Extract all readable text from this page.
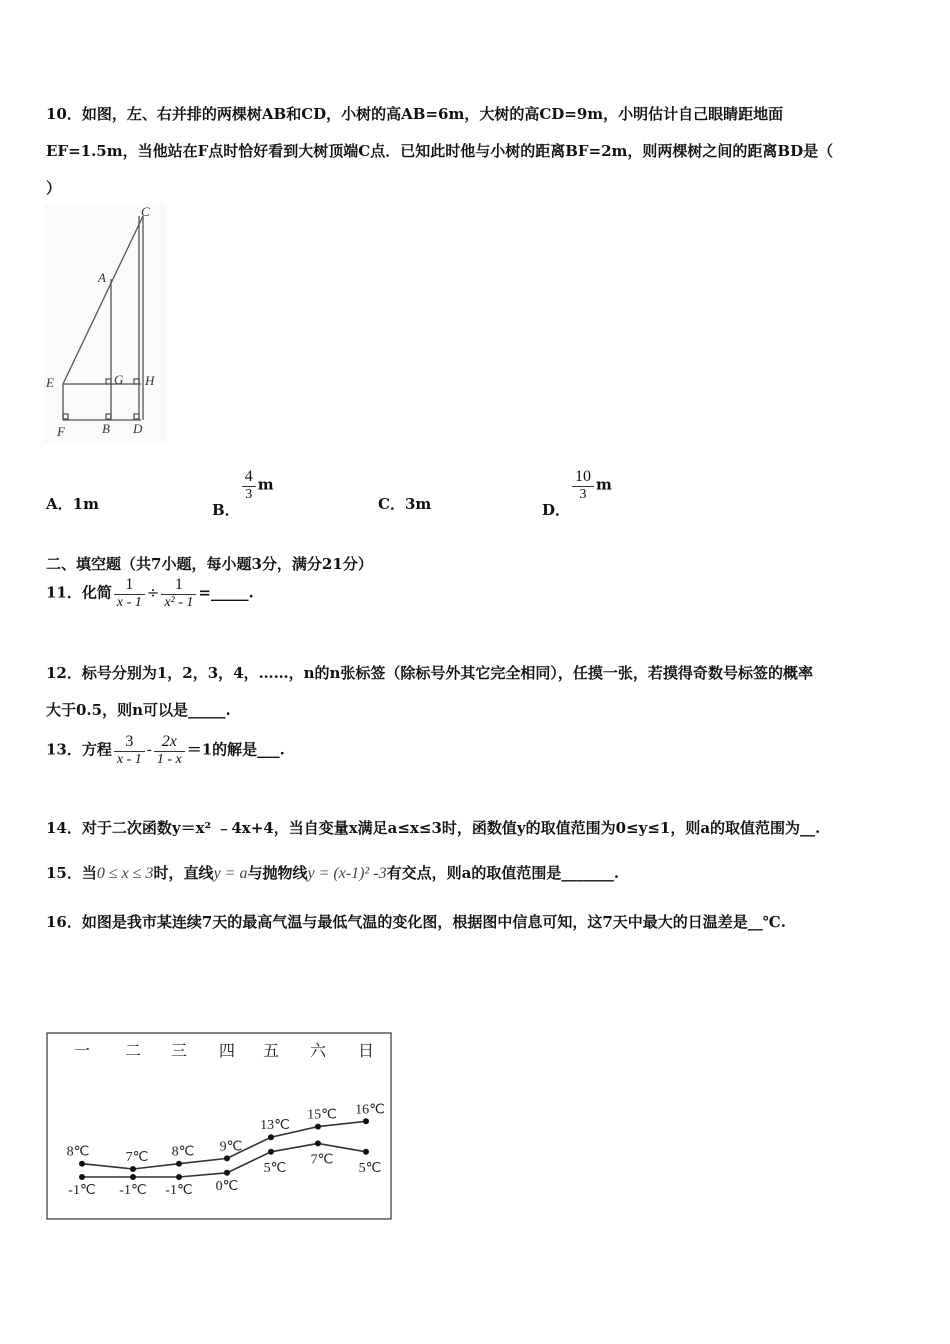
10．如图，左、右并排的两棵树AB和CD，小树的高AB=6m，大树的高CD=9m，小明估计自己眼睛距地面
EF=1.5m，当他站在F点时恰好看到大树顶端C点．已知此时他与小树的距离BF=2m，则两棵树之间的距离BD是（
）
C
A
E	G H
F	B D
A．1m	B．
$\frac{4}{3}$ m
C．3m	D．
$\frac{10}{3}$ m
二、填空题（共7小题，每小题3分，满分21分）
11．化简 $\frac{1}{x - 1} \div \frac{1}{\text{x² - 1}}$ =_____.
12．标号分别为1，2，3，4，……，n的n张标签（除标号外其它完全相同），任摸一张，若摸得奇数号标签的概率
大于0.5，则n可以是_____.
13．方程 $\frac{3}{x - 1} - \frac{2x}{1 - x} =1$的解是___.
14．对于二次函数y＝x² ﹣4x+4，当自变量x满足a≤x≤3时，函数值y的取值范围为0≤y≤1，则a的取值范围为__.
15．当0 ≤ x ≤ 3时，直线y = a与抛物线y = (x-1)² -3有交点，则a的取值范围是_______.
16．如图是我市某连续7天的最高气温与最低气温的变化图，根据图中信息可知，这7天中最大的日温差是__℃.
一 二 三 四 五 六 日
8℃	7℃ 8℃ 9℃
13℃
15℃ 16℃
-1℃ -1℃ -1℃ 0℃
5℃
7℃
5℃
